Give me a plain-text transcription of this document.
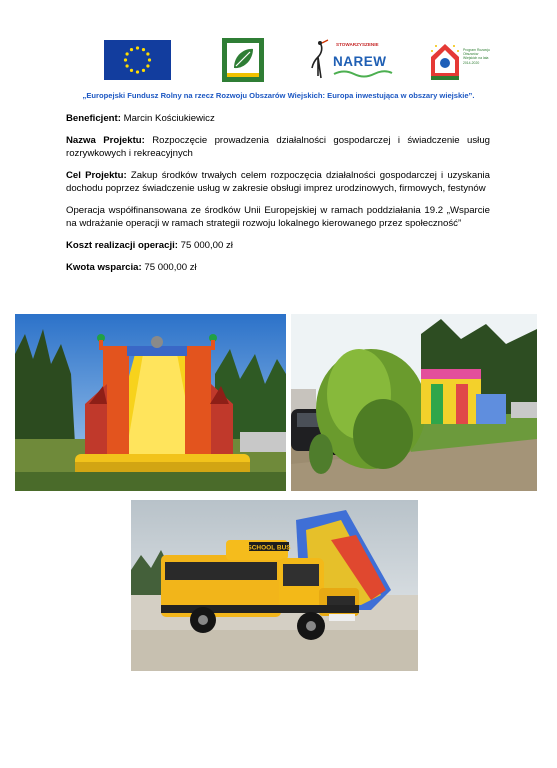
STOWARZYSZENIE
NAREW
Program Rozwoju Obszarów Wiejskich na lata 2014-2020
„Europejski Fundusz Rolny na rzecz Rozwoju Obszarów Wiejskich: Europa inwestująca w obszary wiejskie”.

Beneficjent: Marcin Kościukiewicz

Nazwa Projektu: Rozpoczęcie prowadzenia działalności gospodarczej i świadczenie usług rozrywkowych i rekreacyjnych

Cel Projektu: Zakup środków trwałych celem rozpoczęcia działalności gospodarczej i uzyskania dochodu poprzez świadczenie usług w zakresie obsługi imprez urodzinowych, firmowych, festynów

Operacja współfinansowana ze środków Unii Europejskiej w ramach poddziałania 19.2 „Wsparcie na wdrażanie operacji w ramach strategii rozwoju lokalnego kierowanego przez społeczność”

Koszt realizacji operacji: 75 000,00 zł

Kwota wsparcia: 75 000,00 zł

SCHOOL BUS
